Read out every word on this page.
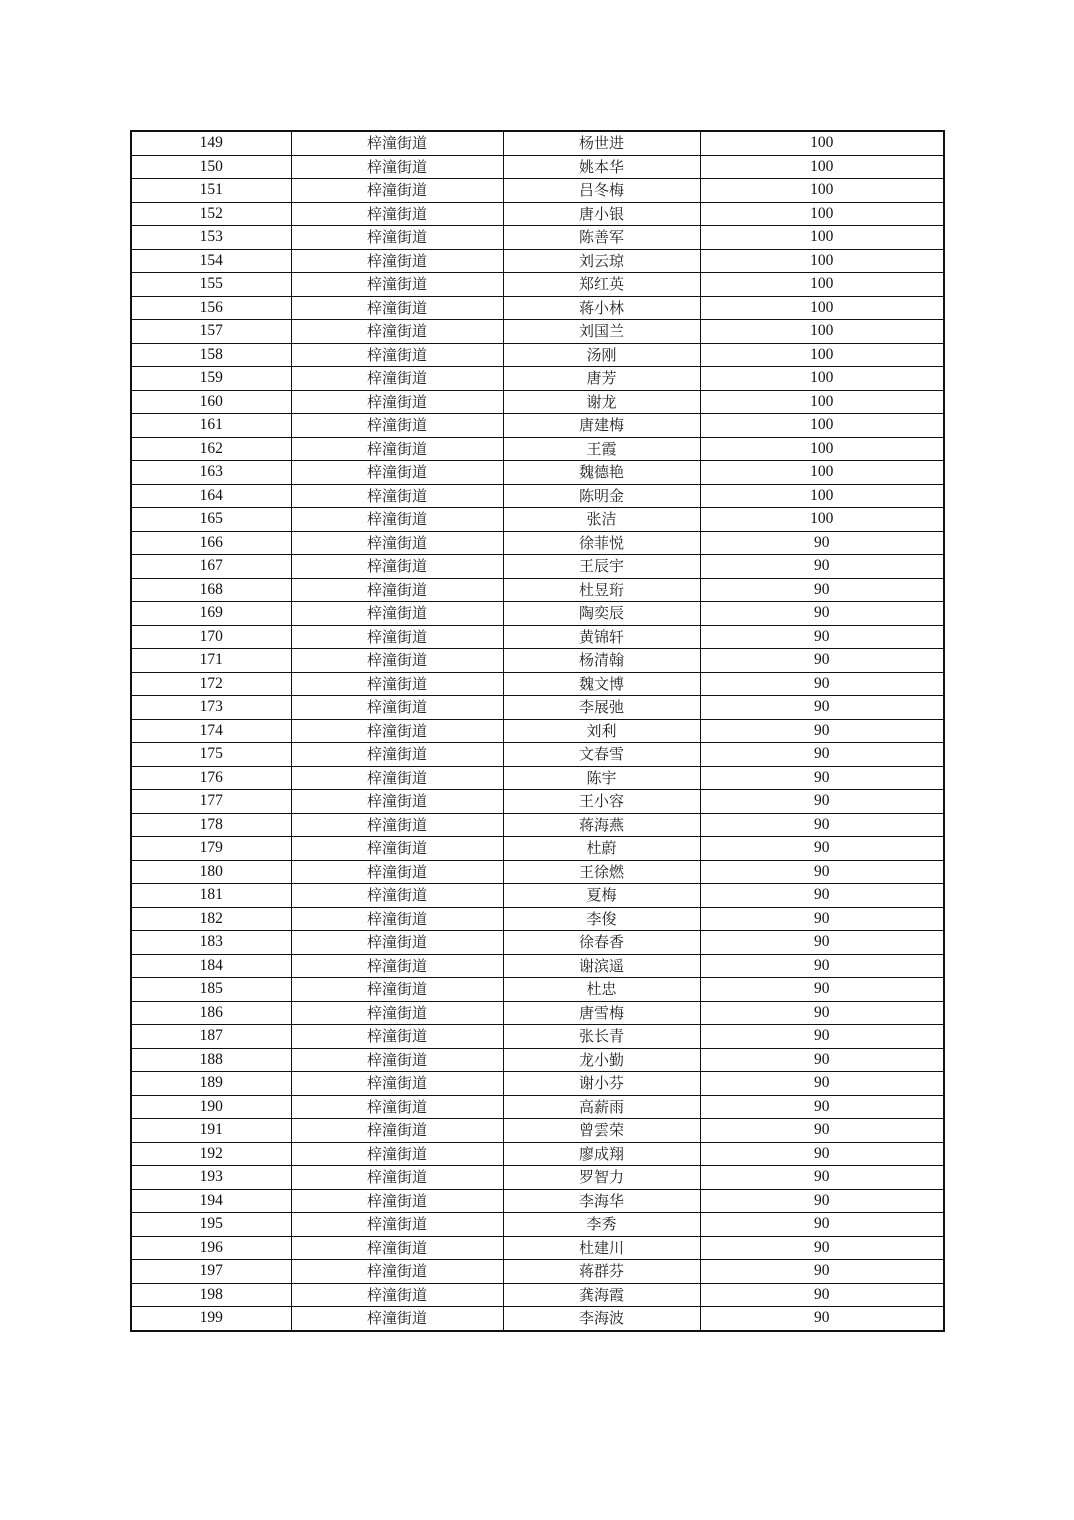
149	梓潼街道	杨世进	100
150	梓潼街道	姚本华	100
151	梓潼街道	吕冬梅	100
152	梓潼街道	唐小银	100
153	梓潼街道	陈善军	100
154	梓潼街道	刘云琼	100
155	梓潼街道	郑红英	100
156	梓潼街道	蒋小林	100
157	梓潼街道	刘国兰	100
158	梓潼街道	汤刚	100
159	梓潼街道	唐芳	100
160	梓潼街道	谢龙	100
161	梓潼街道	唐建梅	100
162	梓潼街道	王霞	100
163	梓潼街道	魏德艳	100
164	梓潼街道	陈明金	100
165	梓潼街道	张洁	100
166	梓潼街道	徐菲悦	90
167	梓潼街道	王辰宇	90
168	梓潼街道	杜昱珩	90
169	梓潼街道	陶奕辰	90
170	梓潼街道	黄锦轩	90
171	梓潼街道	杨清翰	90
172	梓潼街道	魏文博	90
173	梓潼街道	李展弛	90
174	梓潼街道	刘利	90
175	梓潼街道	文春雪	90
176	梓潼街道	陈宇	90
177	梓潼街道	王小容	90
178	梓潼街道	蒋海燕	90
179	梓潼街道	杜蔚	90
180	梓潼街道	王徐燃	90
181	梓潼街道	夏梅	90
182	梓潼街道	李俊	90
183	梓潼街道	徐春香	90
184	梓潼街道	谢滨遥	90
185	梓潼街道	杜忠	90
186	梓潼街道	唐雪梅	90
187	梓潼街道	张长青	90
188	梓潼街道	龙小勤	90
189	梓潼街道	谢小芬	90
190	梓潼街道	高薪雨	90
191	梓潼街道	曾雲荣	90
192	梓潼街道	廖成翔	90
193	梓潼街道	罗智力	90
194	梓潼街道	李海华	90
195	梓潼街道	李秀	90
196	梓潼街道	杜建川	90
197	梓潼街道	蒋群芬	90
198	梓潼街道	龚海霞	90
199	梓潼街道	李海波	90
